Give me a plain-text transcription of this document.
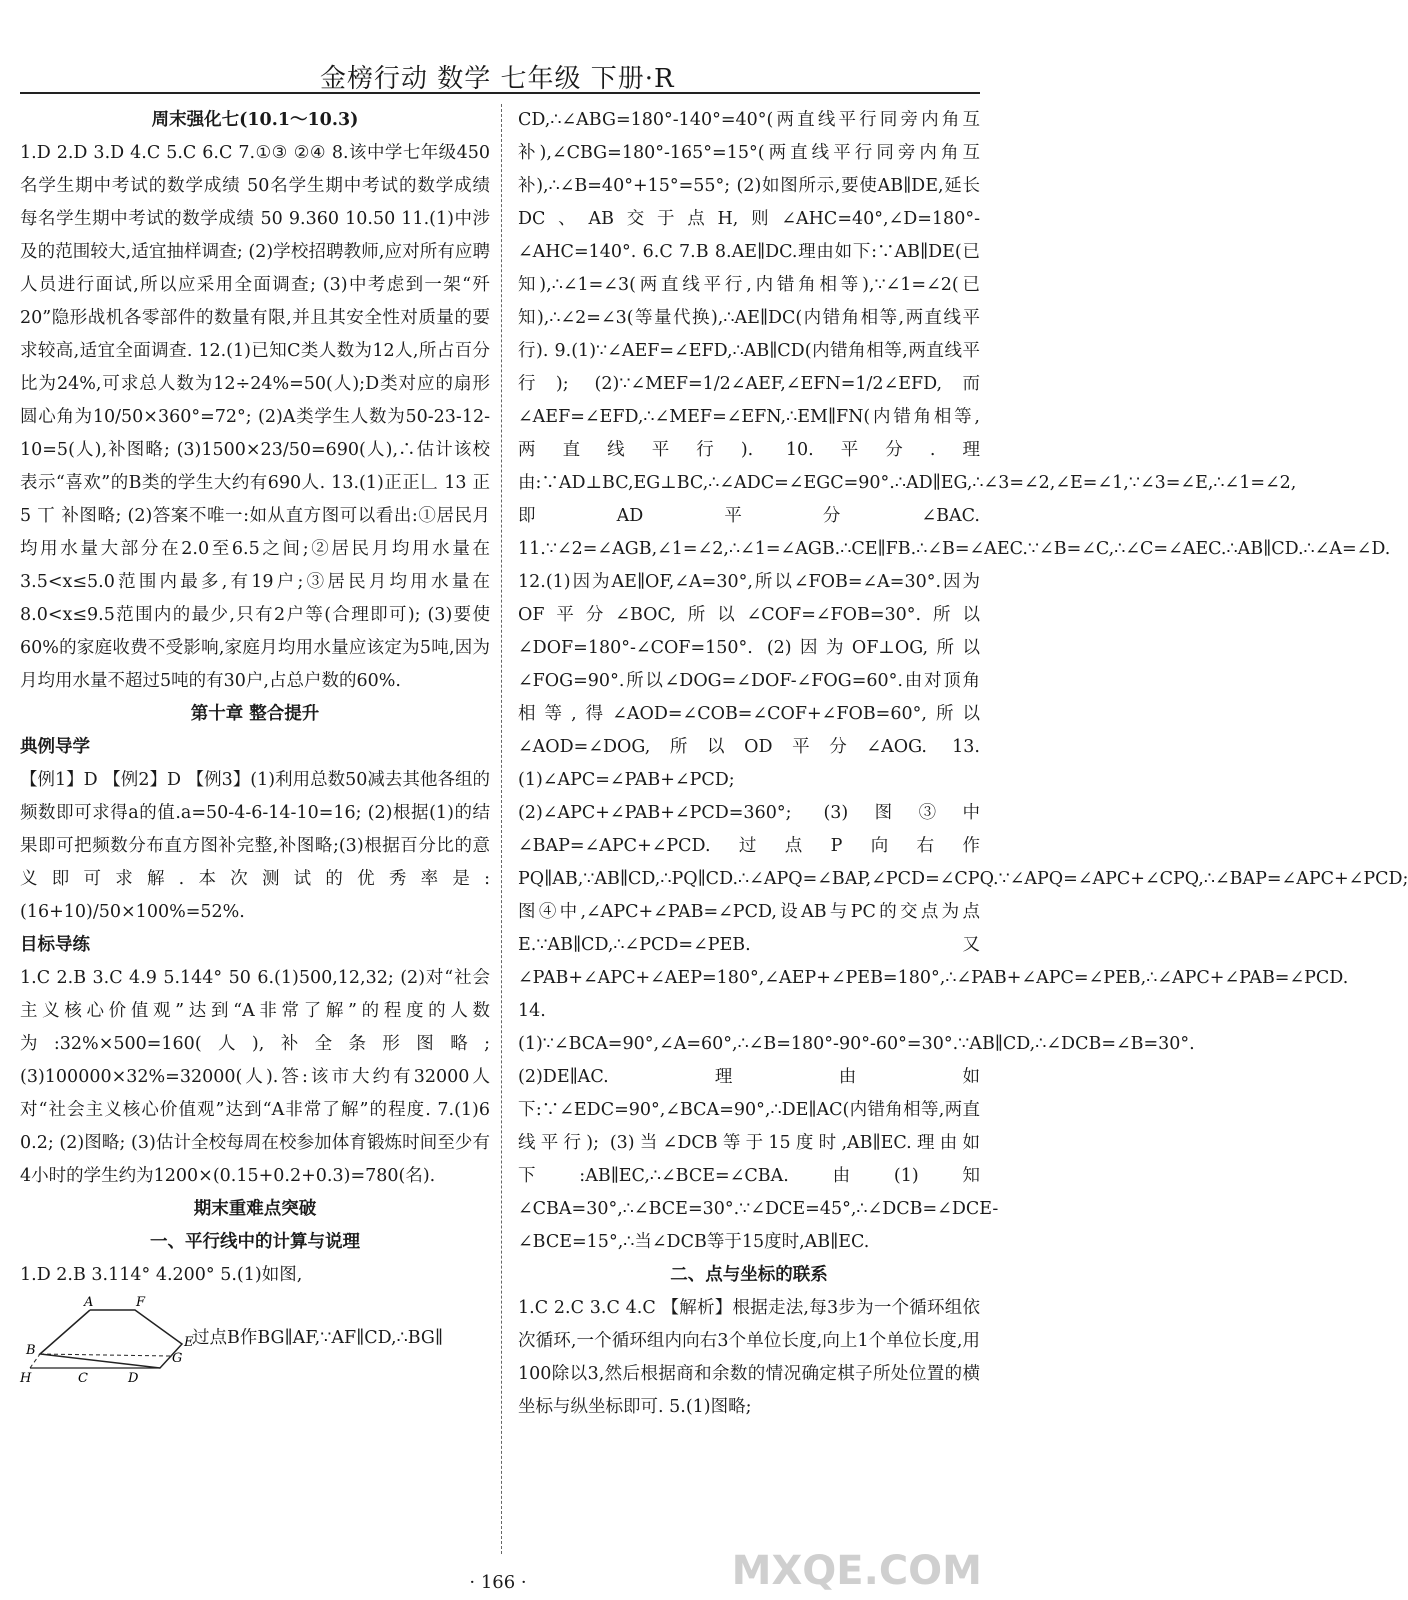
金榜行动 数学 七年级 下册·R

周末强化七(10.1～10.3)

1.D 2.D 3.D 4.C 5.C 6.C 7.①③ ②④ 8.该中学七年级450名学生期中考试的数学成绩 50名学生期中考试的数学成绩 每名学生期中考试的数学成绩 50 9.360 10.50 11.(1)中涉及的范围较大,适宜抽样调查; (2)学校招聘教师,应对所有应聘人员进行面试,所以应采用全面调查; (3)中考虑到一架“歼20”隐形战机各零部件的数量有限,并且其安全性对质量的要求较高,适宜全面调查. 12.(1)已知C类人数为12人,所占百分比为24%,可求总人数为12÷24%=50(人);D类对应的扇形圆心角为10/50×360°=72°; (2)A类学生人数为50-23-12-10=5(人),补图略; (3)1500×23/50=690(人),∴估计该校表示“喜欢”的B类的学生大约有690人. 13.(1)正正𠃊 13 正 5 丅 补图略; (2)答案不唯一:如从直方图可以看出:①居民月均用水量大部分在2.0至6.5之间;②居民月均用水量在3.5<x≤5.0范围内最多,有19户;③居民月均用水量在8.0<x≤9.5范围内的最少,只有2户等(合理即可); (3)要使60%的家庭收费不受影响,家庭月均用水量应该定为5吨,因为月均用水量不超过5吨的有30户,占总户数的60%.

第十章 整合提升

典例导学

【例1】D 【例2】D 【例3】(1)利用总数50减去其他各组的频数即可求得a的值.a=50-4-6-14-10=16; (2)根据(1)的结果即可把频数分布直方图补完整,补图略;(3)根据百分比的意义即可求解.本次测试的优秀率是:(16+10)/50×100%=52%.

目标导练

1.C 2.B 3.C 4.9 5.144° 50 6.(1)500,12,32; (2)对“社会主义核心价值观”达到“A非常了解”的程度的人数为:32%×500=160(人),补全条形图略; (3)100000×32%=32000(人).答:该市大约有32000人对“社会主义核心价值观”达到“A非常了解”的程度. 7.(1)6 0.2; (2)图略; (3)估计全校每周在校参加体育锻炼时间至少有4小时的学生约为1200×(0.15+0.2+0.3)=780(名).

期末重难点突破

一、平行线中的计算与说理

1.D 2.B 3.114° 4.200° 5.(1)如图,

A	F
B
E
G
H	C	D
过点B作BG∥AF,∵AF∥CD,∴BG∥

CD,∴∠ABG=180°-140°=40°(两直线平行同旁内角互补),∠CBG=180°-165°=15°(两直线平行同旁内角互补),∴∠B=40°+15°=55°; (2)如图所示,要使AB∥DE,延长DC、AB交于点H,则∠AHC=40°,∠D=180°-∠AHC=140°. 6.C 7.B 8.AE∥DC.理由如下:∵AB∥DE(已知),∴∠1=∠3(两直线平行,内错角相等),∵∠1=∠2(已知),∴∠2=∠3(等量代换),∴AE∥DC(内错角相等,两直线平行). 9.(1)∵∠AEF=∠EFD,∴AB∥CD(内错角相等,两直线平行); (2)∵∠MEF=1/2∠AEF,∠EFN=1/2∠EFD,而∠AEF=∠EFD,∴∠MEF=∠EFN,∴EM∥FN(内错角相等,两直线平行). 10.平分.理由:∵AD⊥BC,EG⊥BC,∴∠ADC=∠EGC=90°.∴AD∥EG,∴∠3=∠2,∠E=∠1,∵∠3=∠E,∴∠1=∠2,即AD平分∠BAC. 11.∵∠2=∠AGB,∠1=∠2,∴∠1=∠AGB.∴CE∥FB.∴∠B=∠AEC.∵∠B=∠C,∴∠C=∠AEC.∴AB∥CD.∴∠A=∠D. 12.(1)因为AE∥OF,∠A=30°,所以∠FOB=∠A=30°.因为OF平分∠BOC,所以∠COF=∠FOB=30°.所以∠DOF=180°-∠COF=150°. (2)因为OF⊥OG,所以∠FOG=90°.所以∠DOG=∠DOF-∠FOG=60°.由对顶角相等,得∠AOD=∠COB=∠COF+∠FOB=60°,所以∠AOD=∠DOG,所以OD平分∠AOG. 13.(1)∠APC=∠PAB+∠PCD; (2)∠APC+∠PAB+∠PCD=360°; (3)图③中∠BAP=∠APC+∠PCD.过点P向右作PQ∥AB,∵AB∥CD,∴PQ∥CD.∴∠APQ=∠BAP,∠PCD=∠CPQ.∵∠APQ=∠APC+∠CPQ,∴∠BAP=∠APC+∠PCD;

图④中,∠APC+∠PAB=∠PCD,设AB与PC的交点为点E.∵AB∥CD,∴∠PCD=∠PEB.又∠PAB+∠APC+∠AEP=180°,∠AEP+∠PEB=180°,∴∠PAB+∠APC=∠PEB,∴∠APC+∠PAB=∠PCD. 14.(1)∵∠BCA=90°,∠A=60°,∴∠B=180°-90°-60°=30°.∵AB∥CD,∴∠DCB=∠B=30°. (2)DE∥AC.理由如下:∵∠EDC=90°,∠BCA=90°,∴DE∥AC(内错角相等,两直线平行); (3)当∠DCB等于15度时,AB∥EC.理由如下:AB∥EC,∴∠BCE=∠CBA.由(1)知∠CBA=30°,∴∠BCE=30°.∵∠DCE=45°,∴∠DCB=∠DCE-∠BCE=15°,∴当∠DCB等于15度时,AB∥EC.

二、点与坐标的联系

1.C 2.C 3.C 4.C 【解析】根据走法,每3步为一个循环组依次循环,一个循环组内向右3个单位长度,向上1个单位长度,用100除以3,然后根据商和余数的情况确定棋子所处位置的横坐标与纵坐标即可. 5.(1)图略;

· 166 ·	MXQE.COM
